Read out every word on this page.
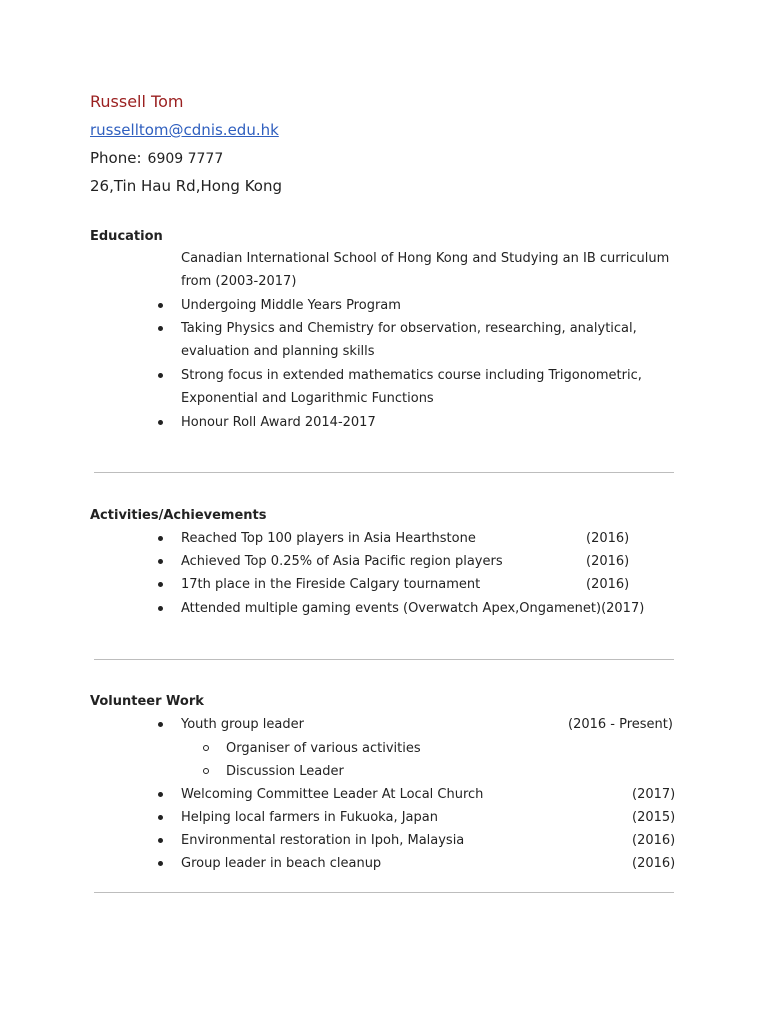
Russell Tom
russelltom@cdnis.edu.hk
Phone: 6909 7777
26,Tin Hau Rd,Hong Kong
Education
Canadian International School of Hong Kong and Studying an IB curriculum
from (2003-2017)
Undergoing Middle Years Program
Taking Physics and Chemistry for observation, researching, analytical,
evaluation and planning skills
Strong focus in extended mathematics course including Trigonometric,
Exponential and Logarithmic Functions
Honour Roll Award 2014-2017
Activities/Achievements
Reached Top 100 players in Asia Hearthstone	(2016)
Achieved Top 0.25% of Asia Pacific region players	(2016)
17th place in the Fireside Calgary tournament	(2016)
Attended multiple gaming events (Overwatch Apex,Ongamenet)(2017)
Volunteer Work
Youth group leader	(2016 - Present)
Organiser of various activities
Discussion Leader
Welcoming Committee Leader At Local Church	(2017)
Helping local farmers in Fukuoka, Japan	(2015)
Environmental restoration in Ipoh, Malaysia	(2016)
Group leader in beach cleanup	(2016)
